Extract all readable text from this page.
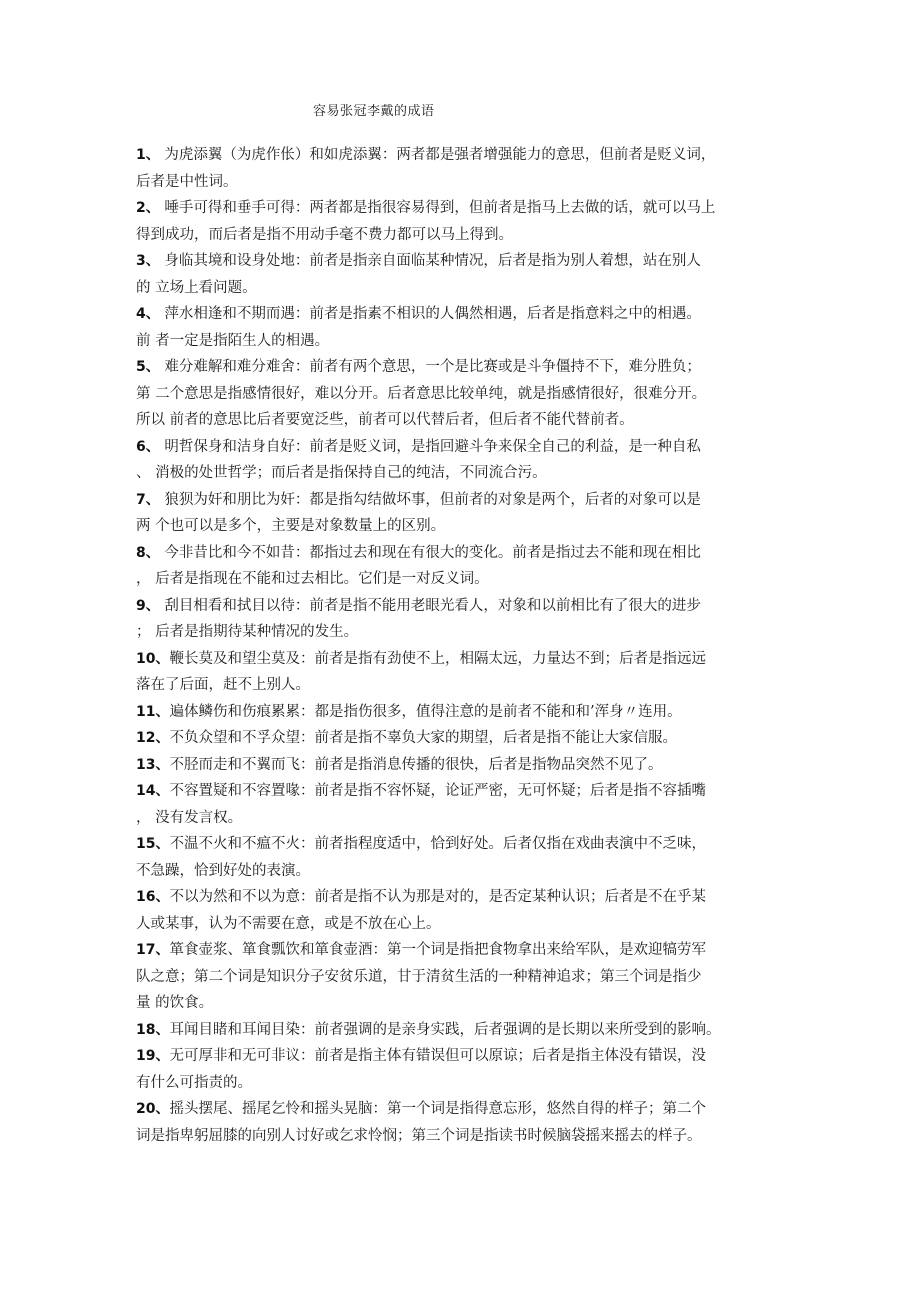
容易张冠李戴的成语
1、 为虎添翼（为虎作伥）和如虎添翼：两者都是强者增强能力的意思，但前者是贬义词，
后者是中性词。
2、 唾手可得和垂手可得：两者都是指很容易得到，但前者是指马上去做的话，就可以马上
得到成功，而后者是指不用动手毫不费力都可以马上得到。
3、 身临其境和设身处地：前者是指亲自面临某种情况，后者是指为别人着想，站在别人
的 立场上看问题。
4、 萍水相逢和不期而遇：前者是指素不相识的人偶然相遇，后者是指意料之中的相遇。
前 者一定是指陌生人的相遇。
5、 难分难解和难分难舍：前者有两个意思，一个是比赛或是斗争僵持不下，难分胜负；
第 二个意思是指感情很好，难以分开。后者意思比较单纯，就是指感情很好，很难分开。
所以 前者的意思比后者要宽泛些，前者可以代替后者，但后者不能代替前者。
6、 明哲保身和洁身自好：前者是贬义词，是指回避斗争来保全自己的利益，是一种自私
、 消极的处世哲学；而后者是指保持自己的纯洁，不同流合污。
7、 狼狈为奸和朋比为奸：都是指勾结做坏事，但前者的对象是两个，后者的对象可以是
两 个也可以是多个，主要是对象数量上的区别。
8、 今非昔比和今不如昔：都指过去和现在有很大的变化。前者是指过去不能和现在相比
， 后者是指现在不能和过去相比。它们是一对反义词。
9、 刮目相看和拭目以待：前者是指不能用老眼光看人，对象和以前相比有了很大的进步
； 后者是指期待某种情况的发生。
10、鞭长莫及和望尘莫及：前者是指有劲使不上，相隔太远，力量达不到；后者是指远远
落在了后面，赶不上别人。
11、遍体鳞伤和伤痕累累：都是指伤很多，值得注意的是前者不能和和’浑身〃连用。
12、不负众望和不孚众望：前者是指不辜负大家的期望，后者是指不能让大家信服。
13、不胫而走和不翼而飞：前者是指消息传播的很快，后者是指物品突然不见了。
14、不容置疑和不容置喙：前者是指不容怀疑，论证严密，无可怀疑；后者是指不容插嘴
， 没有发言权。
15、不温不火和不瘟不火：前者指程度适中，恰到好处。后者仅指在戏曲表演中不乏味，
不急躁，恰到好处的表演。
16、不以为然和不以为意：前者是指不认为那是对的，是否定某种认识；后者是不在乎某
人或某事，认为不需要在意，或是不放在心上。
17、箪食壶浆、箪食瓢饮和箪食壶酒：第一个词是指把食物拿出来给军队，是欢迎犒劳军
队之意；第二个词是知识分子安贫乐道，甘于清贫生活的一种精神追求；第三个词是指少
量 的饮食。
18、耳闻目睹和耳闻目染：前者强调的是亲身实践，后者强调的是长期以来所受到的影响。
19、无可厚非和无可非议：前者是指主体有错误但可以原谅；后者是指主体没有错误，没
有什么可指责的。
20、摇头摆尾、摇尾乞怜和摇头晃脑：第一个词是指得意忘形，悠然自得的样子；第二个
词是指卑躬屈膝的向别人讨好或乞求怜悯；第三个词是指读书时候脑袋摇来摇去的样子。
